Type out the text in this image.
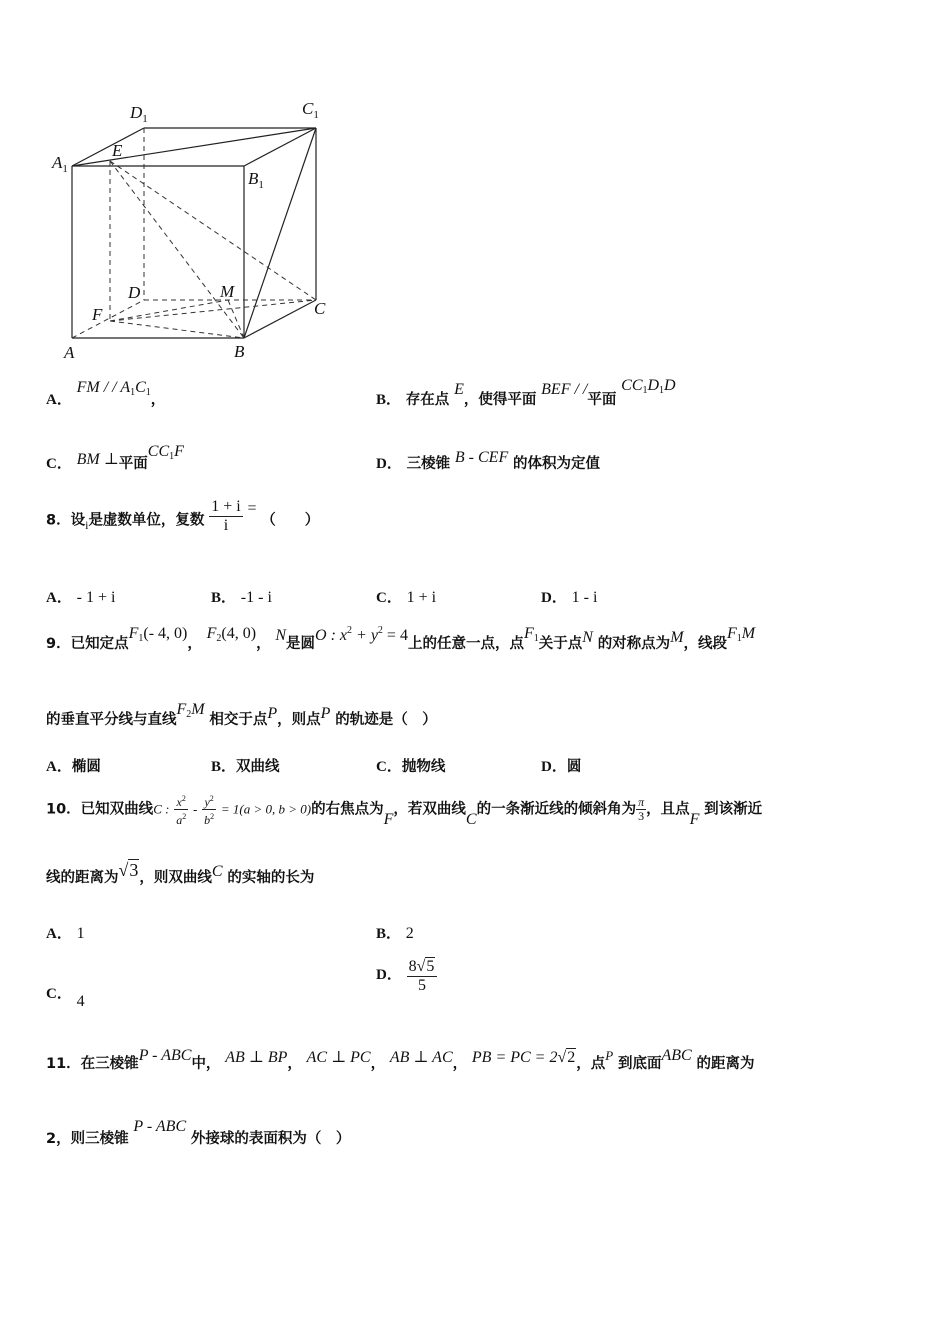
$D_1$
$C_1$
$A_1$	$B_1$
E
D	M
C
F
A	B
A． FM / / $A_1C_1$，	B． 存在点 E，使得平面 BEF / /平面 $CC_1D_1D$
C． BM ⊥平面$CC_1F$
D． 三棱锥 B - CEF 的体积为定值
8．设$_i$是虚数单位，复数 $\frac{1 + i}{i}$ = （　　）
A． - 1 + i	B． -1 - i	C． 1 + i	D． 1 - i
9．已知定点$F_1(-$ 4, 0)， $F_2(4$, 0)， N是圆O : $x^2 + y^2 = 4$上的任意一点，点$F_1$关于点N 的对称点为M，线段$F_1M$
的垂直平分线与直线$F_2M$ 相交于点P，则点P 的轨迹是（　）
A．椭圆	B．双曲线	C．抛物线	D．圆
10．已知双曲线C : $\frac{x^2}{a^2} - \frac{y^2}{b^2} = 1(a > 0$, b > 0)的右焦点为F，若双曲线C的一条渐近线的倾斜角为 $\frac{\pi}{3}$ ，且点F 到该渐近
线的距离为√3，则双曲线C 的实轴的长为
A． 1	B． 2
C． 4
D． $\frac{8√5}{5}$
11．在三棱锥P - ABC中， AB ⊥ BP， AC ⊥ PC， AB ⊥ AC， PB = PC = 2√2，点P 到底面ABC 的距离为
2，则三棱锥 P - ABC 外接球的表面积为（　）
